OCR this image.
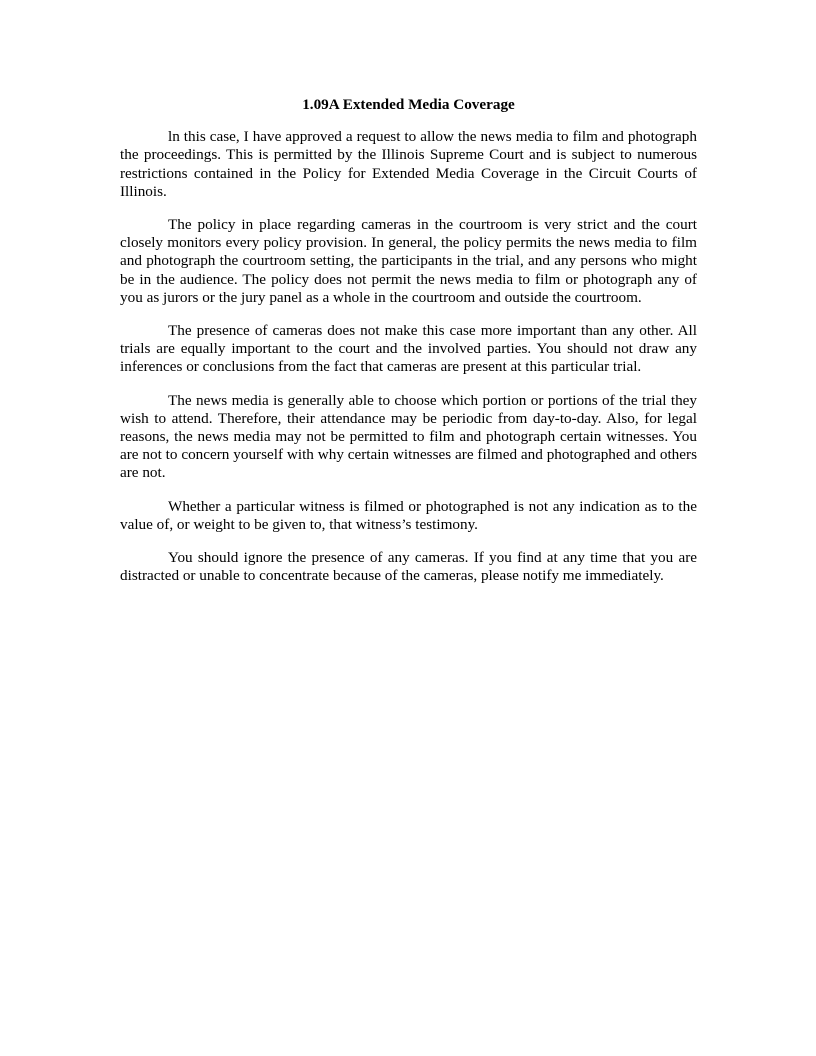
1.09A Extended Media Coverage

ln this case, I have approved a request to allow the news media to film and photograph the proceedings. This is permitted by the Illinois Supreme Court and is subject to numerous restrictions contained in the Policy for Extended Media Coverage in the Circuit Courts of Illinois.

The policy in place regarding cameras in the courtroom is very strict and the court closely monitors every policy provision. In general, the policy permits the news media to film and photograph the courtroom setting, the participants in the trial, and any persons who might be in the audience. The policy does not permit the news media to film or photograph any of you as jurors or the jury panel as a whole in the courtroom and outside the courtroom.

The presence of cameras does not make this case more important than any other. All trials are equally important to the court and the involved parties. You should not draw any inferences or conclusions from the fact that cameras are present at this particular trial.

The news media is generally able to choose which portion or portions of the trial they wish to attend. Therefore, their attendance may be periodic from day-to-day. Also, for legal reasons, the news media may not be permitted to film and photograph certain witnesses. You are not to concern yourself with why certain witnesses are filmed and photographed and others are not.

Whether a particular witness is filmed or photographed is not any indication as to the value of, or weight to be given to, that witness’s testimony.

You should ignore the presence of any cameras. If you find at any time that you are distracted or unable to concentrate because of the cameras, please notify me immediately.
